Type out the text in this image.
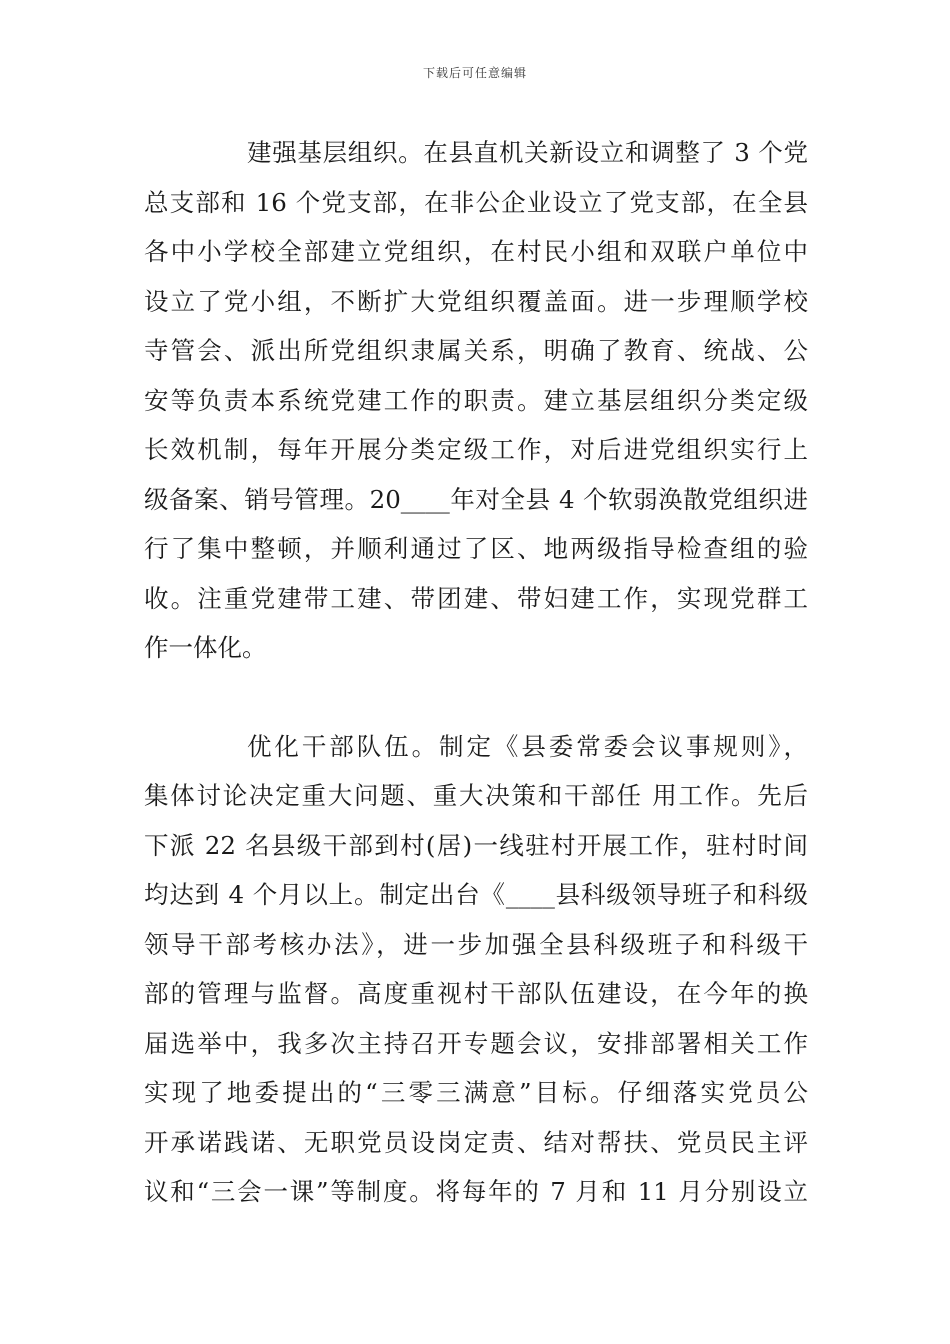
下载后可任意编辑
建强基层组织。在县直机关新设立和调整了 3 个党
总支部和 16 个党支部，在非公企业设立了党支部，在全县
各中小学校全部建立党组织，在村民小组和双联户单位中
设立了党小组，不断扩大党组织覆盖面。进一步理顺学校
寺管会、派出所党组织隶属关系，明确了教育、统战、公
安等负责本系统党建工作的职责。建立基层组织分类定级
长效机制，每年开展分类定级工作，对后进党组织实行上
级备案、销号管理。20____年对全县 4 个软弱涣散党组织进
行了集中整顿，并顺利通过了区、地两级指导检查组的验
收。注重党建带工建、带团建、带妇建工作，实现党群工
作一体化。
优化干部队伍。制定《县委常委会议事规则》，
集体讨论决定重大问题、重大决策和干部任 用工作。先后
下派 22 名县级干部到村(居)一线驻村开展工作，驻村时间
均达到 4 个月以上。制定出台《____县科级领导班子和科级
领导干部考核办法》，进一步加强全县科级班子和科级干
部的管理与监督。高度重视村干部队伍建设，在今年的换
届选举中，我多次主持召开专题会议，安排部署相关工作
实现了地委提出的“三零三满意”目标。仔细落实党员公
开承诺践诺、无职党员设岗定责、结对帮扶、党员民主评
议和“三会一课”等制度。将每年的 7 月和 11 月分别设立
